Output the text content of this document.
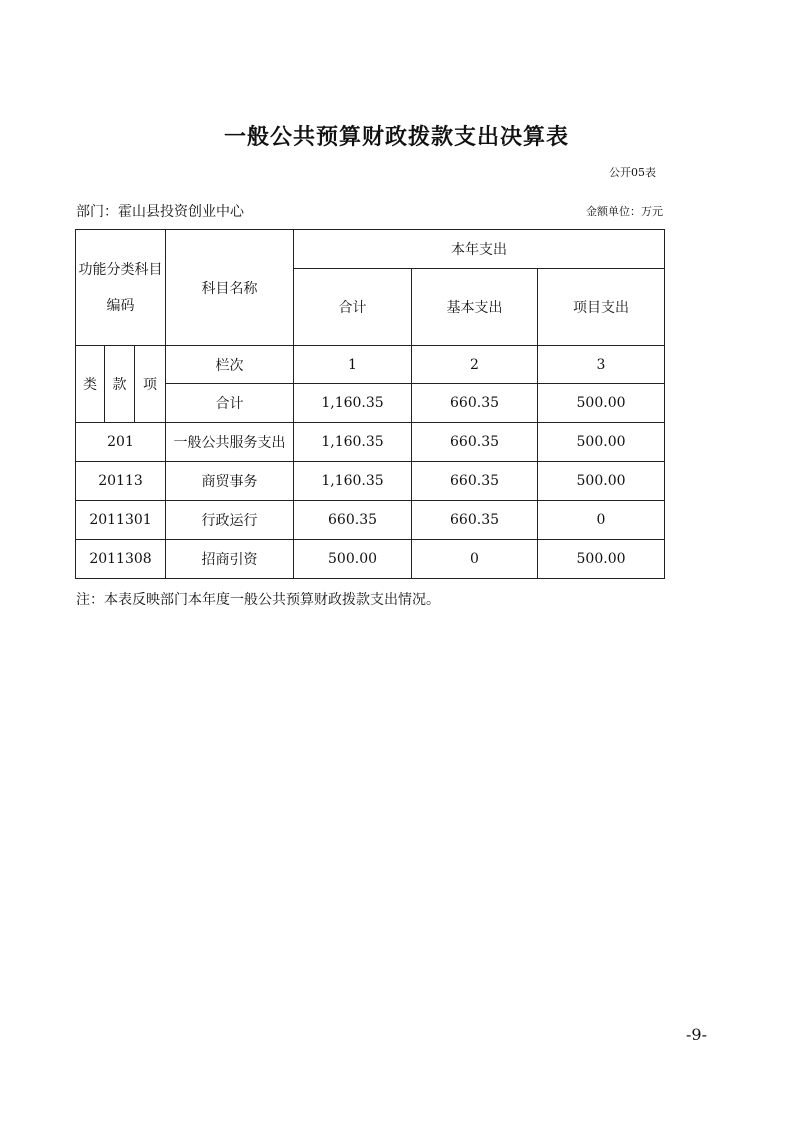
一般公共预算财政拨款支出决算表
公开05表
部门：霍山县投资创业中心	金额单位：万元
功能分类科目
编码			科目名称	本年支出		
				合计	基本支出	项目支出
类	款	项	栏次	1	2	3
			合计	1,160.35	660.35	500.00
201			一般公共服务支出	1,160.35	660.35	500.00
20113			商贸事务	1,160.35	660.35	500.00
2011301			行政运行	660.35	660.35	0
2011308			招商引资	500.00	0	500.00
注：本表反映部门本年度一般公共预算财政拨款支出情况。
-9-
